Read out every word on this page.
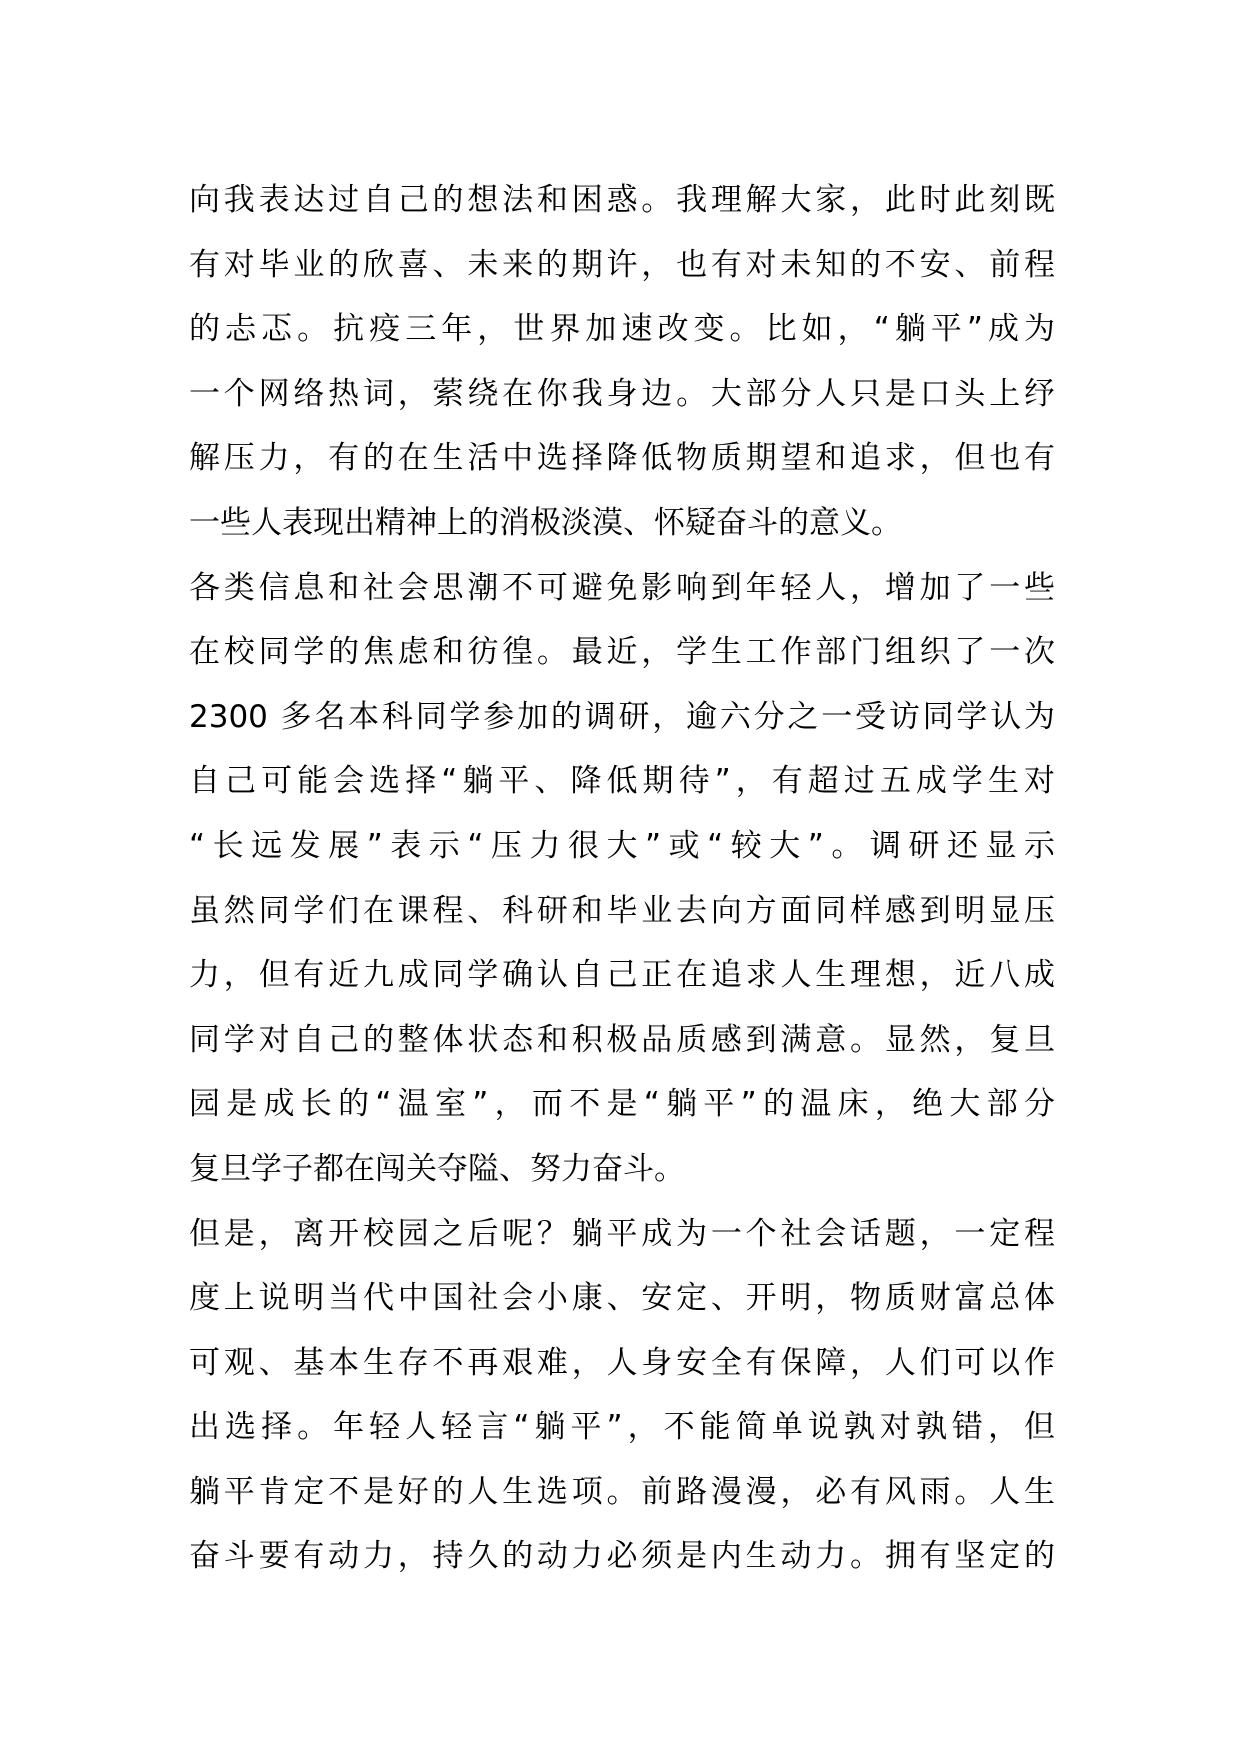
向我表达过自己的想法和困惑。我理解大家，此时此刻既
有对毕业的欣喜、未来的期许，也有对未知的不安、前程
的忐忑。抗疫三年，世界加速改变。比如，“躺平”成为
一个网络热词，萦绕在你我身边。大部分人只是口头上纾
解压力，有的在生活中选择降低物质期望和追求，但也有
一些人表现出精神上的消极淡漠、怀疑奋斗的意义。
各类信息和社会思潮不可避免影响到年轻人，增加了一些
在校同学的焦虑和彷徨。最近，学生工作部门组织了一次
2300 多名本科同学参加的调研，逾六分之一受访同学认为
自己可能会选择“躺平、降低期待”，有超过五成学生对
“长远发展”表示“压力很大”或“较大”。调研还显示
虽然同学们在课程、科研和毕业去向方面同样感到明显压
力，但有近九成同学确认自己正在追求人生理想，近八成
同学对自己的整体状态和积极品质感到满意。显然，复旦
园是成长的“温室”，而不是“躺平”的温床，绝大部分
复旦学子都在闯关夺隘、努力奋斗。
但是，离开校园之后呢？躺平成为一个社会话题，一定程
度上说明当代中国社会小康、安定、开明，物质财富总体
可观、基本生存不再艰难，人身安全有保障，人们可以作
出选择。年轻人轻言“躺平”，不能简单说孰对孰错，但
躺平肯定不是好的人生选项。前路漫漫，必有风雨。人生
奋斗要有动力，持久的动力必须是内生动力。拥有坚定的
